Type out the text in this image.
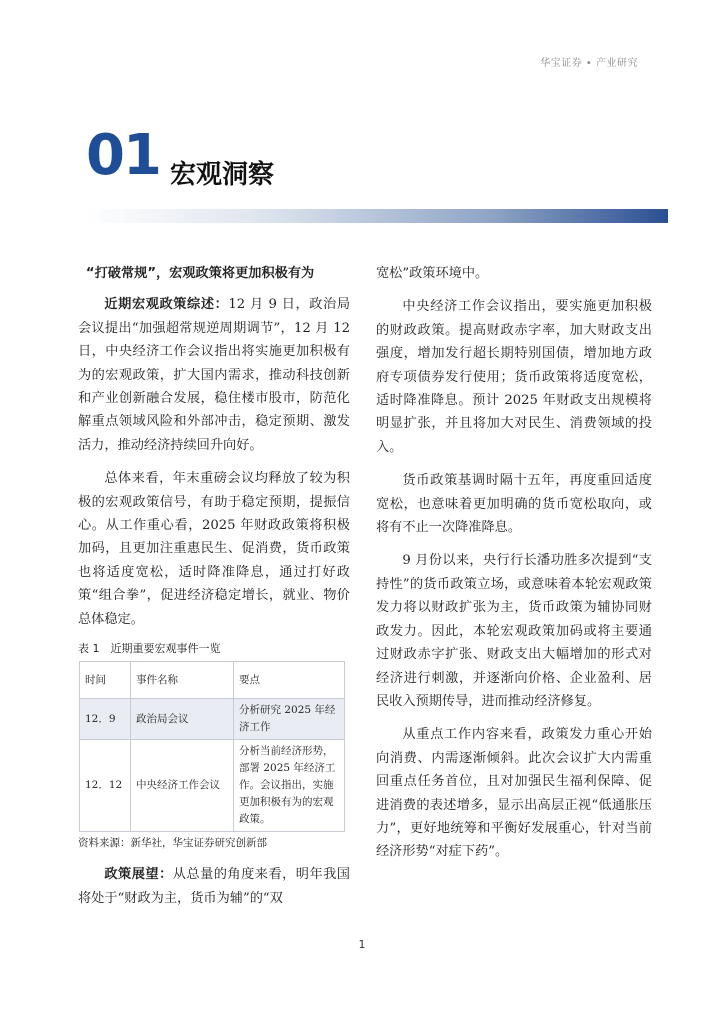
华宝证券 • 产业研究
01 宏观洞察
“打破常规”，宏观政策将更加积极有为

近期宏观政策综述：12 月 9 日，政治局会议提出“加强超常规逆周期调节”，12 月 12 日，中央经济工作会议指出将实施更加积极有为的宏观政策，扩大国内需求，推动科技创新和产业创新融合发展，稳住楼市股市，防范化解重点领域风险和外部冲击，稳定预期、激发活力，推动经济持续回升向好。

总体来看，年末重磅会议均释放了较为积极的宏观政策信号，有助于稳定预期，提振信心。从工作重心看，2025 年财政政策将积极加码，且更加注重惠民生、促消费，货币政策也将适度宽松，适时降准降息，通过打好政策“组合拳”，促进经济稳定增长，就业、物价总体稳定。

表 1　近期重要宏观事件一览
时间	事件名称	要点
12．9	政治局会议	分析研究 2025 年经济工作
12．12	中央经济工作会议	分析当前经济形势，部署 2025 年经济工作。会议指出，实施更加积极有为的宏观政策。
资料来源：新华社，华宝证券研究创新部

政策展望：从总量的角度来看，明年我国将处于“财政为主，货币为辅”的“双

宽松”政策环境中。

中央经济工作会议指出，要实施更加积极的财政政策。提高财政赤字率，加大财政支出强度，增加发行超长期特别国债，增加地方政府专项债券发行使用；货币政策将适度宽松，适时降准降息。预计 2025 年财政支出规模将明显扩张，并且将加大对民生、消费领域的投入。

货币政策基调时隔十五年，再度重回适度宽松，也意味着更加明确的货币宽松取向，或将有不止一次降准降息。

9 月份以来，央行行长潘功胜多次提到“支持性”的货币政策立场，或意味着本轮宏观政策发力将以财政扩张为主，货币政策为辅协同财政发力。因此，本轮宏观政策加码或将主要通过财政赤字扩张、财政支出大幅增加的形式对经济进行刺激，并逐渐向价格、企业盈利、居民收入预期传导，进而推动经济修复。

从重点工作内容来看，政策发力重心开始向消费、内需逐渐倾斜。此次会议扩大内需重回重点任务首位，且对加强民生福利保障、促进消费的表述增多，显示出高层正视“低通胀压力”，更好地统筹和平衡好发展重心，针对当前经济形势“对症下药”。

1
